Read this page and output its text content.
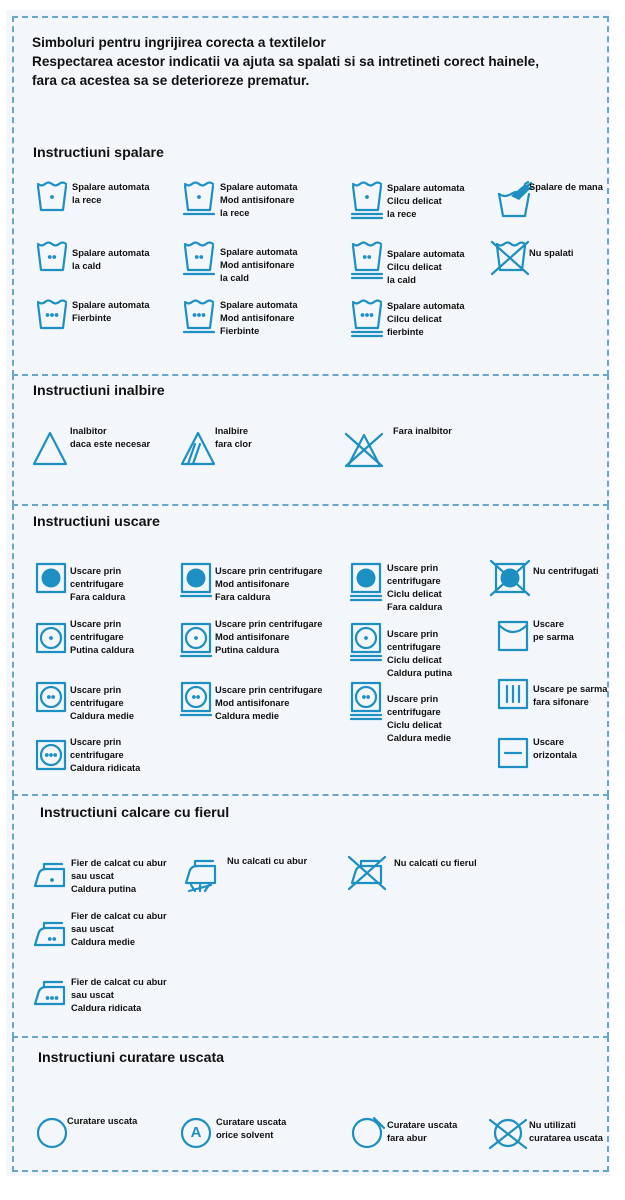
Simboluri pentru ingrijirea corecta a textilelor
Respectarea acestor indicatii va ajuta sa spalati si sa intretineti corect hainele,
fara ca acestea sa se deterioreze prematur.
Instructiuni spalare
Instructiuni inalbire
Instructiuni uscare
Instructiuni calcare cu fierul
Instructiuni curatare uscata
Spalare automata
la rece
Spalare automata
Mod antisifonare
la rece
Spalare automata
Cilcu delicat
la rece
Spalare de mana
Spalare automata
la cald
Spalare automata
Mod antisifonare
la cald
Spalare automata
Cilcu delicat
la cald
Nu spalati
Spalare automata
Fierbinte
Spalare automata
Mod antisifonare
Fierbinte
Spalare automata
Cilcu delicat
fierbinte
Inalbitor
daca este necesar
Inalbire
fara clor
Fara inalbitor
Uscare prin
centrifugare
Fara caldura
Uscare prin centrifugare
Mod antisifonare
Fara caldura
Uscare prin
centrifugare
Ciclu delicat
Fara caldura
Nu centrifugati
Uscare prin
centrifugare
Putina caldura
Uscare prin centrifugare
Mod antisifonare
Putina caldura
Uscare prin
centrifugare
Ciclu delicat
Caldura putina
Uscare
pe sarma
Uscare prin
centrifugare
Caldura medie
Uscare prin centrifugare
Mod antisifonare
Caldura medie
Uscare prin
centrifugare
Ciclu delicat
Caldura medie
Uscare pe sarma
fara sifonare
Uscare prin
centrifugare
Caldura ridicata
Uscare
orizontala
Fier de calcat cu abur
sau uscat
Caldura putina
Nu calcati cu abur	Nu calcati cu fierul
Fier de calcat cu abur
sau uscat
Caldura medie
Fier de calcat cu abur
sau uscat
Caldura ridicata
Curatare uscata
A
Curatare uscata
orice solvent
Curatare uscata
fara abur
Nu utilizati
curatarea uscata
